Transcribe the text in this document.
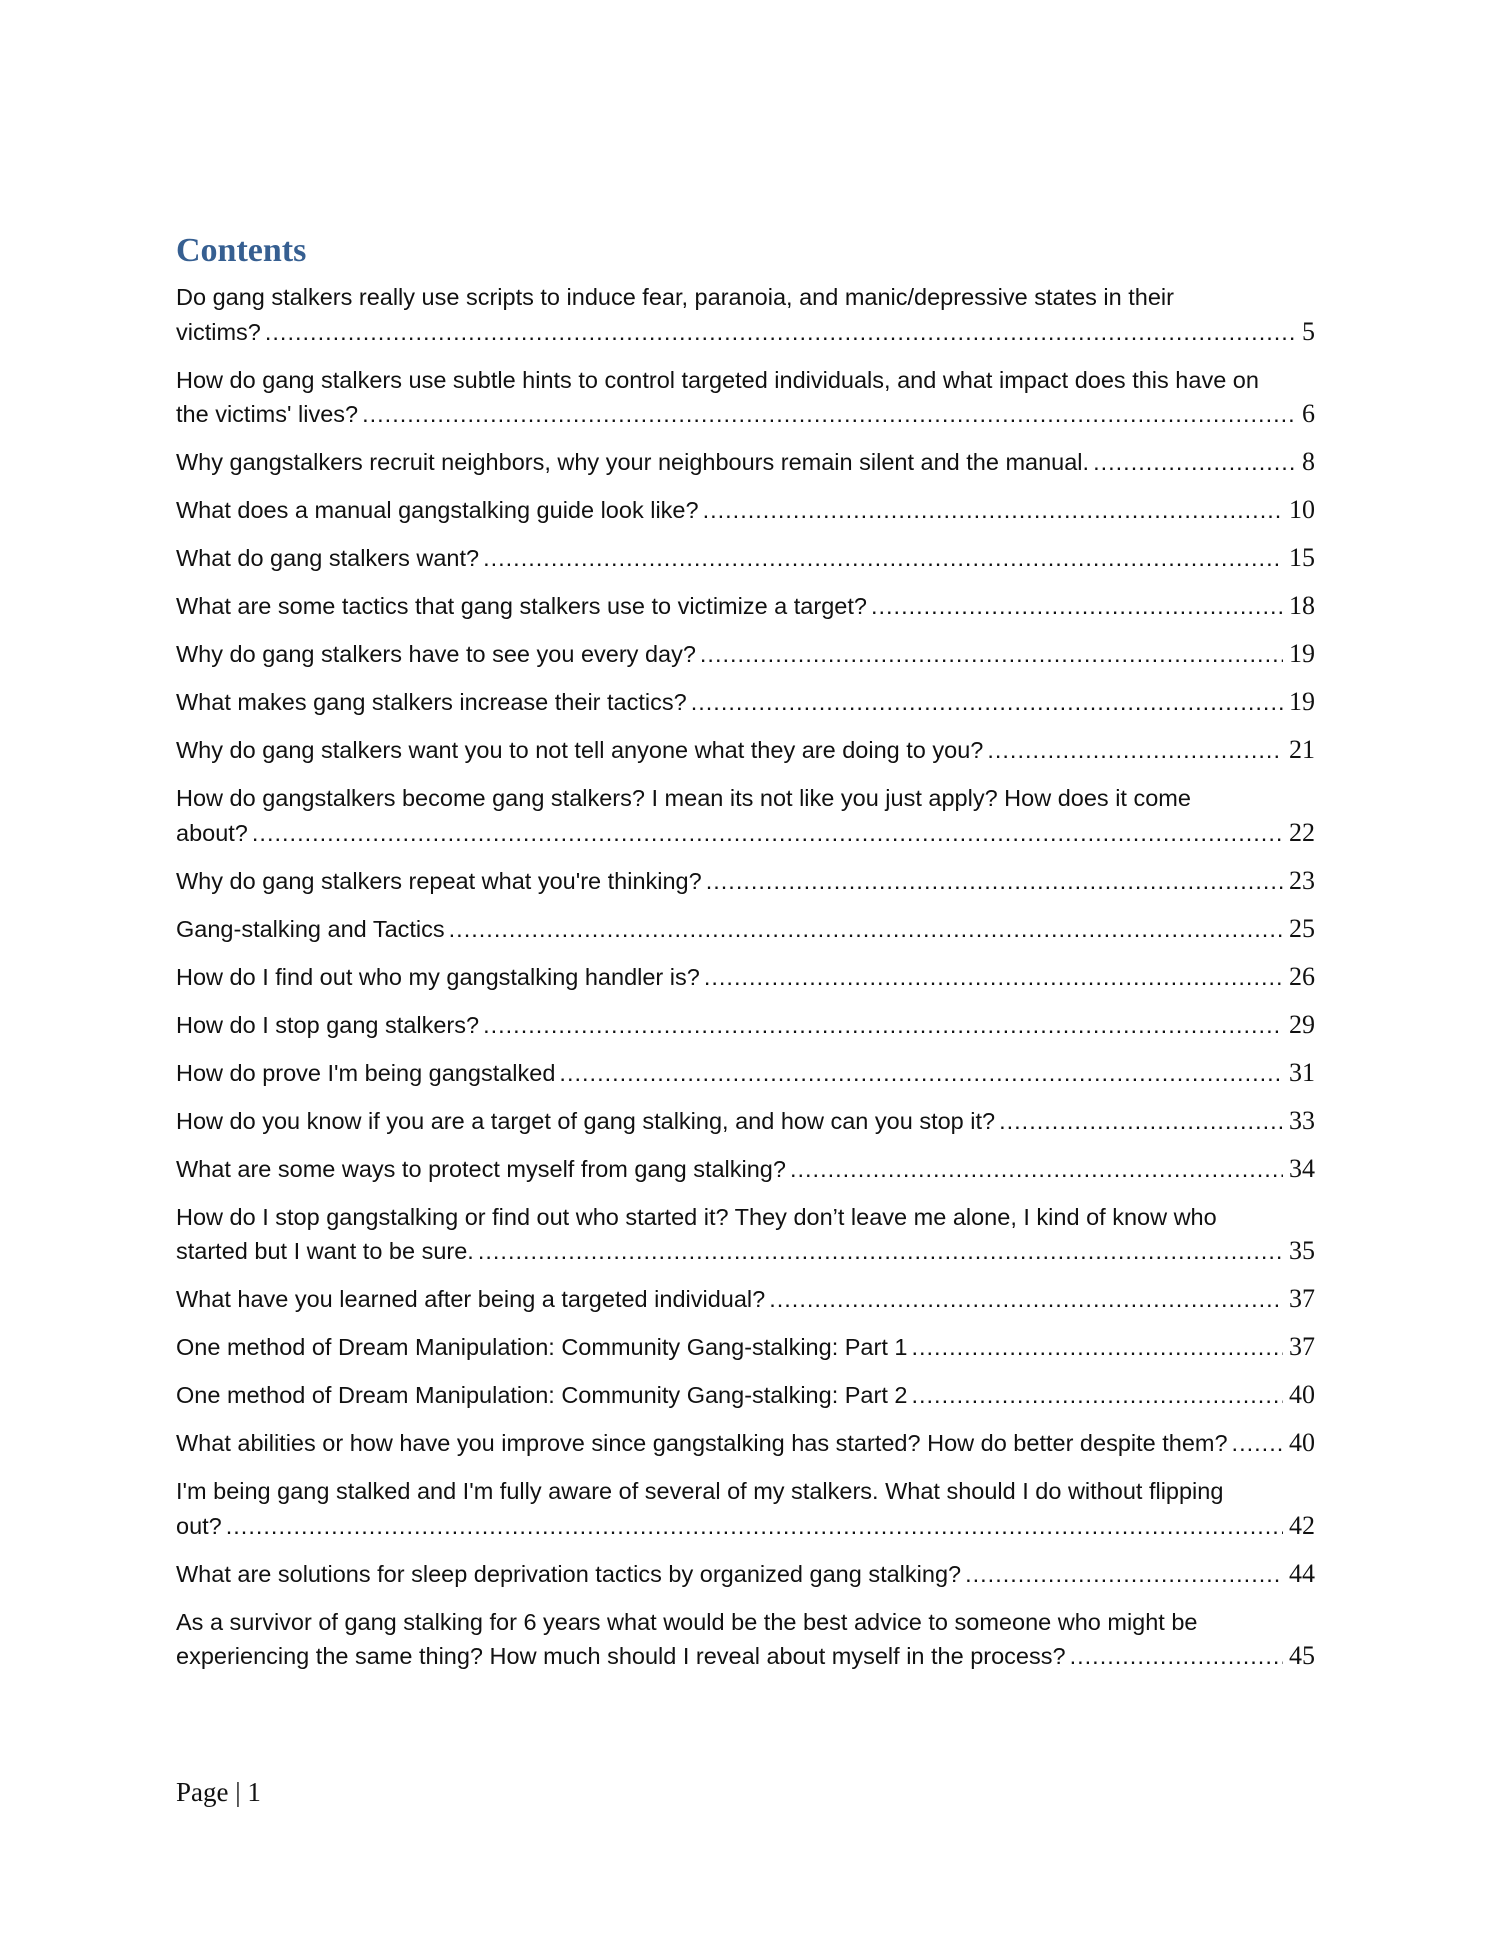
Contents
Do gang stalkers really use scripts to induce fear, paranoia, and manic/depressive states in their victims? .....	5
How do gang stalkers use subtle hints to control targeted individuals, and what impact does this have on the victims' lives? .....	6
Why gangstalkers recruit neighbors, why your neighbours remain silent and the manual. .....	8
What does a manual gangstalking guide look like? .....	10
What do gang stalkers want? .....	15
What are some tactics that gang stalkers use to victimize a target? .....	18
Why do gang stalkers have to see you every day? .....	19
What makes gang stalkers increase their tactics? .....	19
Why do gang stalkers want you to not tell anyone what they are doing to you? .....	21
How do gangstalkers become gang stalkers? I mean its not like you just apply? How does it come about? .....	22
Why do gang stalkers repeat what you're thinking? .....	23
Gang-stalking and Tactics .....	25
How do I find out who my gangstalking handler is? .....	26
How do I stop gang stalkers? .....	29
How do prove I'm being gangstalked .....	31
How do you know if you are a target of gang stalking, and how can you stop it? .....	33
What are some ways to protect myself from gang stalking? .....	34
How do I stop gangstalking or find out who started it? They don’t leave me alone, I kind of know who started but I want to be sure. .....	35
What have you learned after being a targeted individual? .....	37
One method of Dream Manipulation: Community Gang-stalking: Part 1 .....	37
One method of Dream Manipulation: Community Gang-stalking: Part 2 .....	40
What abilities or how have you improve since gangstalking has started? How do better despite them? ..... 40
I'm being gang stalked and I'm fully aware of several of my stalkers. What should I do without flipping out? .....	42
What are solutions for sleep deprivation tactics by organized gang stalking? .....	44
As a survivor of gang stalking for 6 years what would be the best advice to someone who might be experiencing the same thing? How much should I reveal about myself in the process? .....	45
Page | 1
